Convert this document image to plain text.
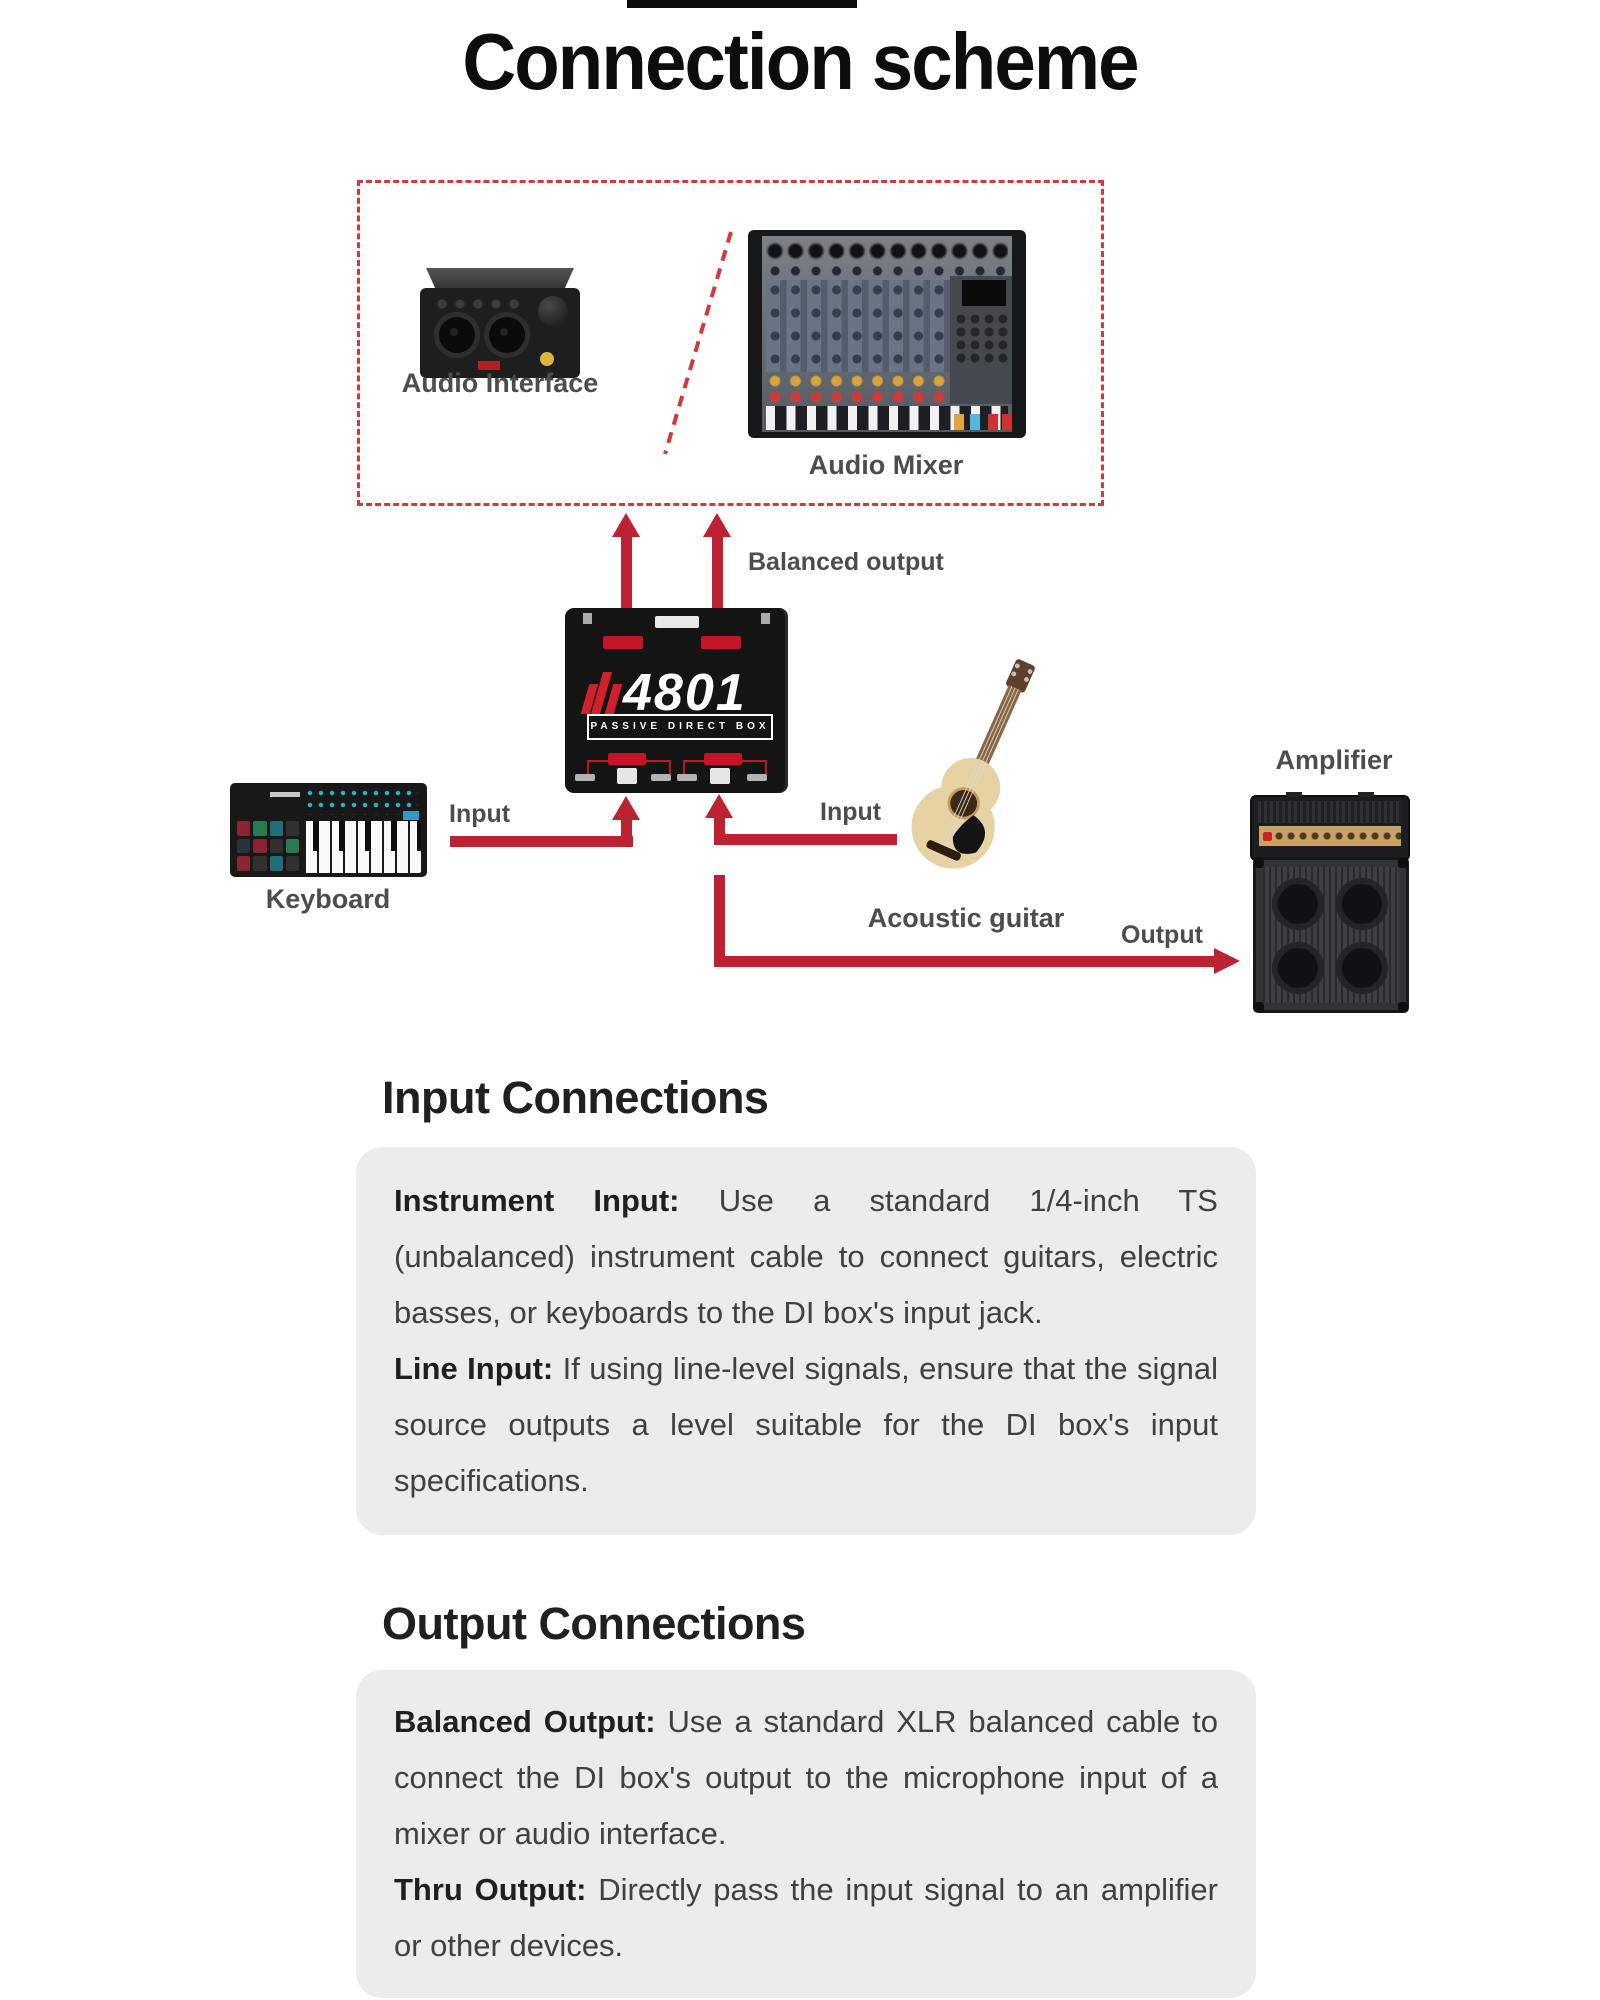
Connection scheme
Audio Interface
Audio Mixer
Balanced output
4801
PASSIVE DIRECT BOX
Keyboard
Input	Input
Acoustic guitar
Output
Amplifier
Input Connections

Instrument Input: Use a standard 1/4-inch TS (unbalanced) instrument cable to connect guitars, electric basses, or keyboards to the DI box's input jack.

Line Input: If using line-level signals, ensure that the signal source outputs a level suitable for the DI box's input specifications.

Output Connections

Balanced Output: Use a standard XLR balanced cable to connect the DI box's output to the microphone input of a mixer or audio interface.

Thru Output: Directly pass the input signal to an amplifier or other devices.
